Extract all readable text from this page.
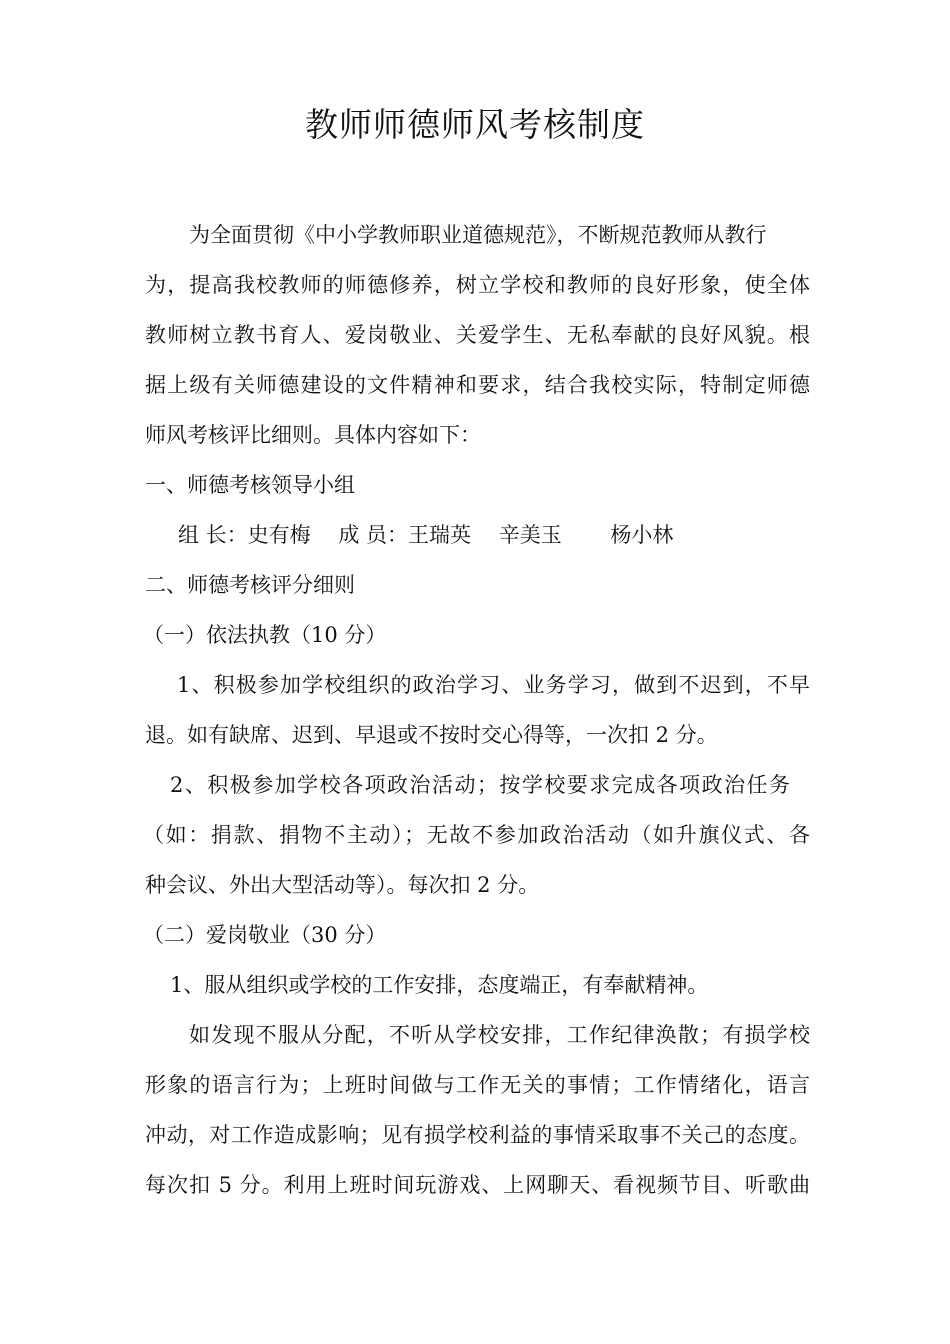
教师师德师风考核制度

为全面贯彻《中小学教师职业道德规范》，不断规范教师从教行

为，提高我校教师的师德修养，树立学校和教师的良好形象，使全体

教师树立教书育人、爱岗敬业、关爱学生、无私奉献的良好风貌。根

据上级有关师德建设的文件精神和要求，结合我校实际，特制定师德

师风考核评比细则。具体内容如下：

一、师德考核领导小组

组 长：史有梅 　成 员：王瑞英 　辛美玉 　　杨小林

二、师德考核评分细则

（一）依法执教（10 分）

1、积极参加学校组织的政治学习、业务学习，做到不迟到，不早

退。如有缺席、迟到、早退或不按时交心得等，一次扣 2 分。

2、积极参加学校各项政治活动；按学校要求完成各项政治任务

（如：捐款、捐物不主动）；无故不参加政治活动（如升旗仪式、各

种会议、外出大型活动等）。每次扣 2 分。

（二）爱岗敬业（30 分）

1、服从组织或学校的工作安排，态度端正，有奉献精神。

如发现不服从分配，不听从学校安排，工作纪律涣散；有损学校

形象的语言行为；上班时间做与工作无关的事情；工作情绪化，语言

冲动，对工作造成影响；见有损学校利益的事情采取事不关己的态度。

每次扣 5 分。利用上班时间玩游戏、上网聊天、看视频节目、听歌曲
